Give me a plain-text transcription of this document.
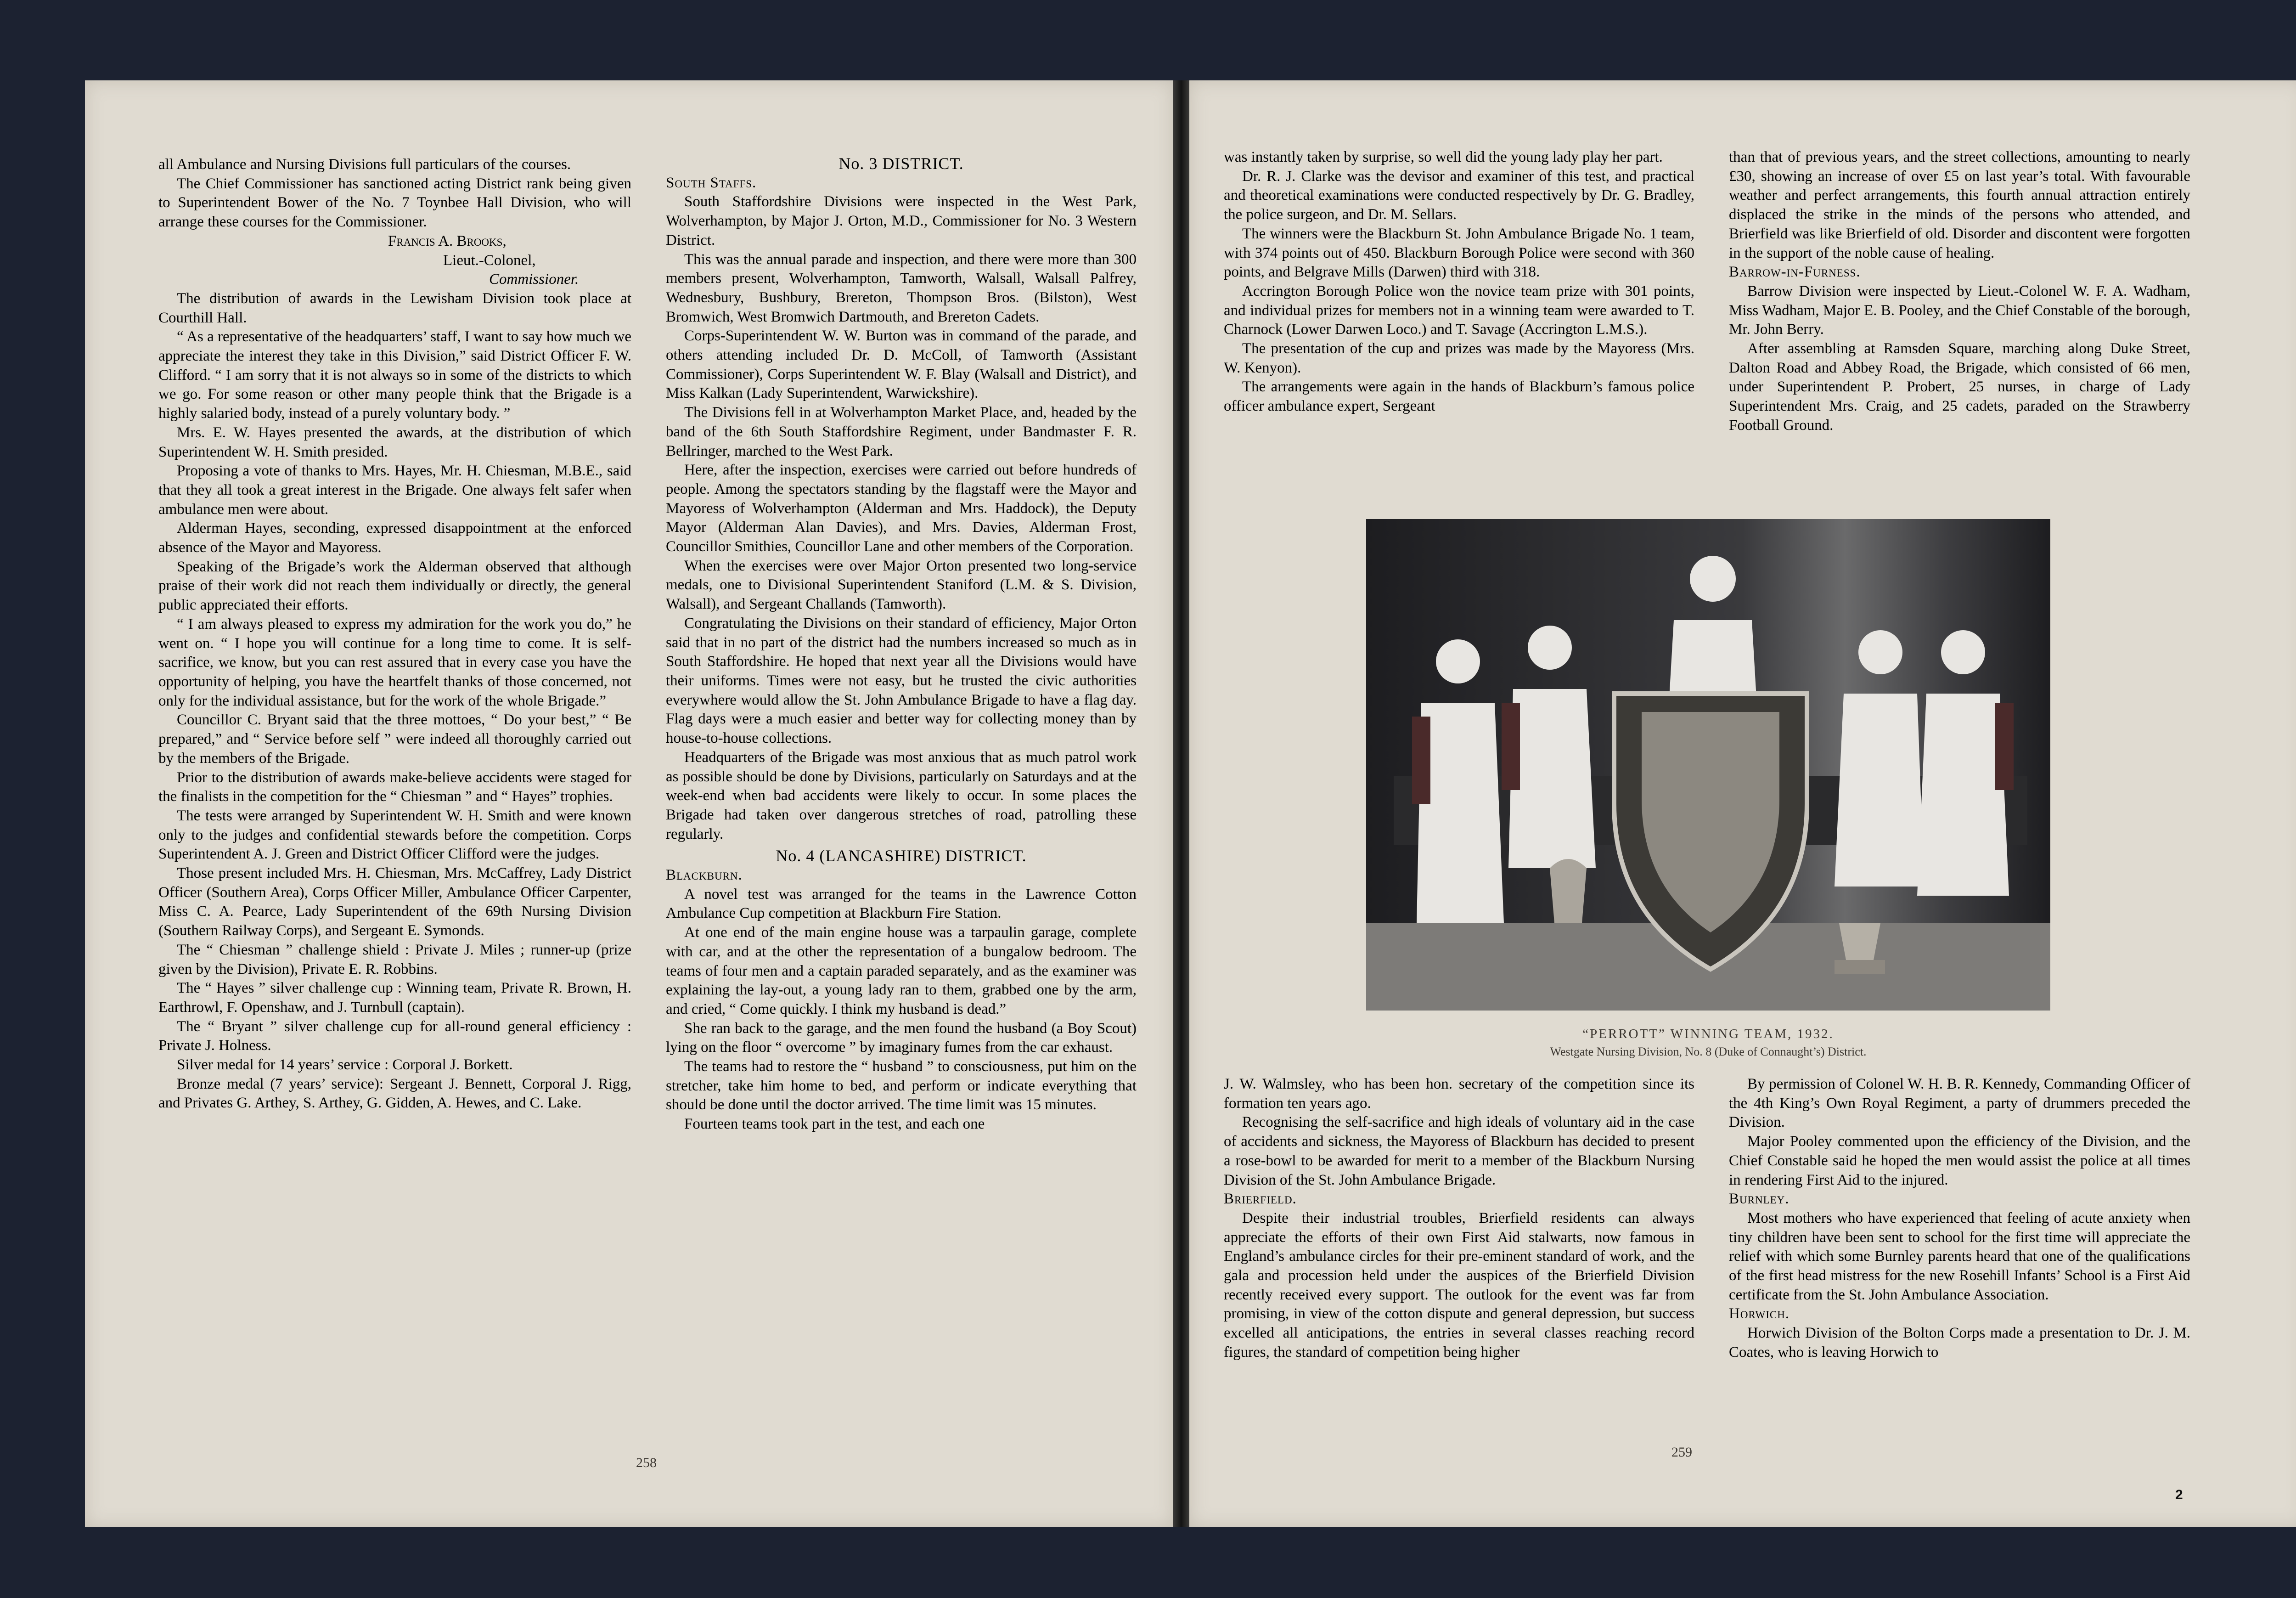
all Ambulance and Nursing Divisions full particulars of the courses.

The Chief Commissioner has sanctioned acting District rank being given to Superintendent Bower of the No. 7 Toynbee Hall Division, who will arrange these courses for the Commissioner.

Francis A. Brooks,

Lieut.-Colonel,

Commissioner.

The distribution of awards in the Lewisham Division took place at Courthill Hall.

“ As a representative of the headquarters’ staff, I want to say how much we appreciate the interest they take in this Division,” said District Officer F. W. Clifford. “ I am sorry that it is not always so in some of the districts to which we go. For some reason or other many people think that the Brigade is a highly salaried body, instead of a purely voluntary body. ”

Mrs. E. W. Hayes presented the awards, at the distribution of which Superintendent W. H. Smith presided.

Proposing a vote of thanks to Mrs. Hayes, Mr. H. Chiesman, M.B.E., said that they all took a great interest in the Brigade. One always felt safer when ambulance men were about.

Alderman Hayes, seconding, expressed disappointment at the enforced absence of the Mayor and Mayoress.

Speaking of the Brigade’s work the Alderman observed that although praise of their work did not reach them individually or directly, the general public appreciated their efforts.

“ I am always pleased to express my admiration for the work you do,” he went on. “ I hope you will continue for a long time to come. It is self-sacrifice, we know, but you can rest assured that in every case you have the opportunity of helping, you have the heartfelt thanks of those concerned, not only for the individual assistance, but for the work of the whole Brigade.”

Councillor C. Bryant said that the three mottoes, “ Do your best,” “ Be prepared,” and “ Service before self ” were indeed all thoroughly carried out by the members of the Brigade.

Prior to the distribution of awards make-believe accidents were staged for the finalists in the competition for the “ Chiesman ” and “ Hayes” trophies.

The tests were arranged by Superintendent W. H. Smith and were known only to the judges and confidential stewards before the competition. Corps Superintendent A. J. Green and District Officer Clifford were the judges.

Those present included Mrs. H. Chiesman, Mrs. McCaffrey, Lady District Officer (Southern Area), Corps Officer Miller, Ambulance Officer Carpenter, Miss C. A. Pearce, Lady Superintendent of the 69th Nursing Division (Southern Railway Corps), and Sergeant E. Symonds.

The “ Chiesman ” challenge shield : Private J. Miles ; runner-up (prize given by the Division), Private E. R. Robbins.

The “ Hayes ” silver challenge cup : Winning team, Private R. Brown, H. Earthrowl, F. Openshaw, and J. Turnbull (captain).

The “ Bryant ” silver challenge cup for all-round general efficiency : Private J. Holness.

Silver medal for 14 years’ service : Corporal J. Borkett.

Bronze medal (7 years’ service): Sergeant J. Bennett, Corporal J. Rigg, and Privates G. Arthey, S. Arthey, G. Gidden, A. Hewes, and C. Lake.

No. 3 DISTRICT.

South Staffs.

South Staffordshire Divisions were inspected in the West Park, Wolverhampton, by Major J. Orton, M.D., Commissioner for No. 3 Western District.

This was the annual parade and inspection, and there were more than 300 members present, Wolverhampton, Tamworth, Walsall, Walsall Palfrey, Wednesbury, Bushbury, Brereton, Thompson Bros. (Bilston), West Bromwich, West Bromwich Dartmouth, and Brereton Cadets.

Corps-Superintendent W. W. Burton was in command of the parade, and others attending included Dr. D. McColl, of Tamworth (Assistant Commissioner), Corps Superintendent W. F. Blay (Walsall and District), and Miss Kalkan (Lady Superintendent, Warwickshire).

The Divisions fell in at Wolverhampton Market Place, and, headed by the band of the 6th South Staffordshire Regiment, under Bandmaster F. R. Bellringer, marched to the West Park.

Here, after the inspection, exercises were carried out before hundreds of people. Among the spectators standing by the flagstaff were the Mayor and Mayoress of Wolverhampton (Alderman and Mrs. Haddock), the Deputy Mayor (Alderman Alan Davies), and Mrs. Davies, Alderman Frost, Councillor Smithies, Councillor Lane and other members of the Corporation.

When the exercises were over Major Orton presented two long-service medals, one to Divisional Superintendent Staniford (L.M. & S. Division, Walsall), and Sergeant Challands (Tamworth).

Congratulating the Divisions on their standard of efficiency, Major Orton said that in no part of the district had the numbers increased so much as in South Staffordshire. He hoped that next year all the Divisions would have their uniforms. Times were not easy, but he trusted the civic authorities everywhere would allow the St. John Ambulance Brigade to have a flag day. Flag days were a much easier and better way for collecting money than by house-to-house collections.

Headquarters of the Brigade was most anxious that as much patrol work as possible should be done by Divisions, particularly on Saturdays and at the week-end when bad accidents were likely to occur. In some places the Brigade had taken over dangerous stretches of road, patrolling these regularly.

No. 4 (LANCASHIRE) DISTRICT.

Blackburn.

A novel test was arranged for the teams in the Lawrence Cotton Ambulance Cup competition at Blackburn Fire Station.

At one end of the main engine house was a tarpaulin garage, complete with car, and at the other the representation of a bungalow bedroom. The teams of four men and a captain paraded separately, and as the examiner was explaining the lay-out, a young lady ran to them, grabbed one by the arm, and cried, “ Come quickly. I think my husband is dead.”

She ran back to the garage, and the men found the husband (a Boy Scout) lying on the floor “ overcome ” by imaginary fumes from the car exhaust.

The teams had to restore the “ husband ” to consciousness, put him on the stretcher, take him home to bed, and perform or indicate everything that should be done until the doctor arrived. The time limit was 15 minutes.

Fourteen teams took part in the test, and each one

258

was instantly taken by surprise, so well did the young lady play her part.

Dr. R. J. Clarke was the devisor and examiner of this test, and practical and theoretical examinations were conducted respectively by Dr. G. Bradley, the police surgeon, and Dr. M. Sellars.

The winners were the Blackburn St. John Ambulance Brigade No. 1 team, with 374 points out of 450. Blackburn Borough Police were second with 360 points, and Belgrave Mills (Darwen) third with 318.

Accrington Borough Police won the novice team prize with 301 points, and individual prizes for members not in a winning team were awarded to T. Charnock (Lower Darwen Loco.) and T. Savage (Accrington L.M.S.).

The presentation of the cup and prizes was made by the Mayoress (Mrs. W. Kenyon).

The arrangements were again in the hands of Blackburn’s famous police officer ambulance expert, Sergeant

than that of previous years, and the street collections, amounting to nearly £30, showing an increase of over £5 on last year’s total. With favourable weather and perfect arrangements, this fourth annual attraction entirely displaced the strike in the minds of the persons who attended, and Brierfield was like Brierfield of old. Disorder and discontent were forgotten in the support of the noble cause of healing.

Barrow-in-Furness.

Barrow Division were inspected by Lieut.-Colonel W. F. A. Wadham, Miss Wadham, Major E. B. Pooley, and the Chief Constable of the borough, Mr. John Berry.

After assembling at Ramsden Square, marching along Duke Street, Dalton Road and Abbey Road, the Brigade, which consisted of 66 men, under Superintendent P. Probert, 25 nurses, in charge of Lady Superintendent Mrs. Craig, and 25 cadets, paraded on the Strawberry Football Ground.

“PERROTT” WINNING TEAM, 1932.
Westgate Nursing Division, No. 8 (Duke of Connaught’s) District.

J. W. Walmsley, who has been hon. secretary of the competition since its formation ten years ago.

Recognising the self-sacrifice and high ideals of voluntary aid in the case of accidents and sickness, the Mayoress of Blackburn has decided to present a rose-bowl to be awarded for merit to a member of the Blackburn Nursing Division of the St. John Ambulance Brigade.

Brierfield.

Despite their industrial troubles, Brierfield residents can always appreciate the efforts of their own First Aid stalwarts, now famous in England’s ambulance circles for their pre-eminent standard of work, and the gala and procession held under the auspices of the Brierfield Division recently received every support. The outlook for the event was far from promising, in view of the cotton dispute and general depression, but success excelled all anticipations, the entries in several classes reaching record figures, the standard of competition being higher

By permission of Colonel W. H. B. R. Kennedy, Commanding Officer of the 4th King’s Own Royal Regiment, a party of drummers preceded the Division.

Major Pooley commented upon the efficiency of the Division, and the Chief Constable said he hoped the men would assist the police at all times in rendering First Aid to the injured.

Burnley.

Most mothers who have experienced that feeling of acute anxiety when tiny children have been sent to school for the first time will appreciate the relief with which some Burnley parents heard that one of the qualifications of the first head mistress for the new Rosehill Infants’ School is a First Aid certificate from the St. John Ambulance Association.

Horwich.

Horwich Division of the Bolton Corps made a presentation to Dr. J. M. Coates, who is leaving Horwich to

259
2
